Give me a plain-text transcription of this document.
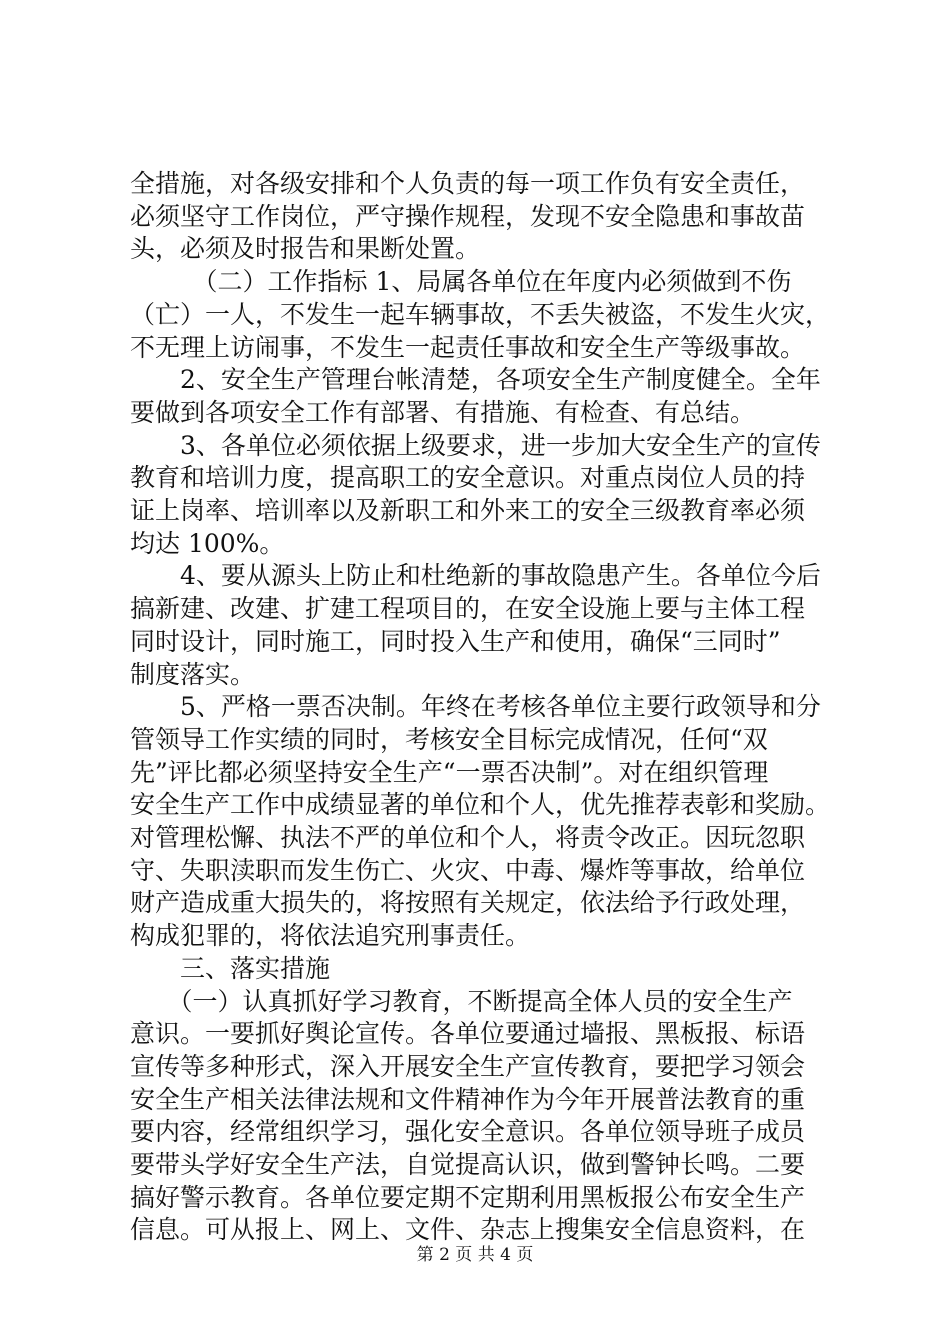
全措施，对各级安排和个人负责的每一项工作负有安全责任，
必须坚守工作岗位，严守操作规程，发现不安全隐患和事故苗
头，必须及时报告和果断处置。
　　（二）工作指标 1、局属各单位在年度内必须做到不伤
（亡）一人，不发生一起车辆事故，不丢失被盗，不发生火灾，
不无理上访闹事，不发生一起责任事故和安全生产等级事故。
　2、安全生产管理台帐清楚，各项安全生产制度健全。全年
要做到各项安全工作有部署、有措施、有检查、有总结。
　3、各单位必须依据上级要求，进一步加大安全生产的宣传
教育和培训力度，提高职工的安全意识。对重点岗位人员的持
证上岗率、培训率以及新职工和外来工的安全三级教育率必须
均达 100%。
　4、要从源头上防止和杜绝新的事故隐患产生。各单位今后
搞新建、改建、扩建工程项目的，在安全设施上要与主体工程
同时设计，同时施工，同时投入生产和使用，确保“三同时”
制度落实。
　5、严格一票否决制。年终在考核各单位主要行政领导和分
管领导工作实绩的同时，考核安全目标完成情况，任何“双
先”评比都必须坚持安全生产“一票否决制”。对在组织管理
安全生产工作中成绩显著的单位和个人，优先推荐表彰和奖励。
对管理松懈、执法不严的单位和个人，将责令改正。因玩忽职
守、失职渎职而发生伤亡、火灾、中毒、爆炸等事故，给单位
财产造成重大损失的，将按照有关规定，依法给予行政处理，
构成犯罪的，将依法追究刑事责任。
　三、落实措施
　（一）认真抓好学习教育，不断提高全体人员的安全生产
意识。一要抓好舆论宣传。各单位要通过墙报、黑板报、标语
宣传等多种形式，深入开展安全生产宣传教育，要把学习领会
安全生产相关法律法规和文件精神作为今年开展普法教育的重
要内容，经常组织学习，强化安全意识。各单位领导班子成员
要带头学好安全生产法，自觉提高认识，做到警钟长鸣。二要
搞好警示教育。各单位要定期不定期利用黑板报公布安全生产
信息。可从报上、网上、文件、杂志上搜集安全信息资料，在
第 2 页 共 4 页
